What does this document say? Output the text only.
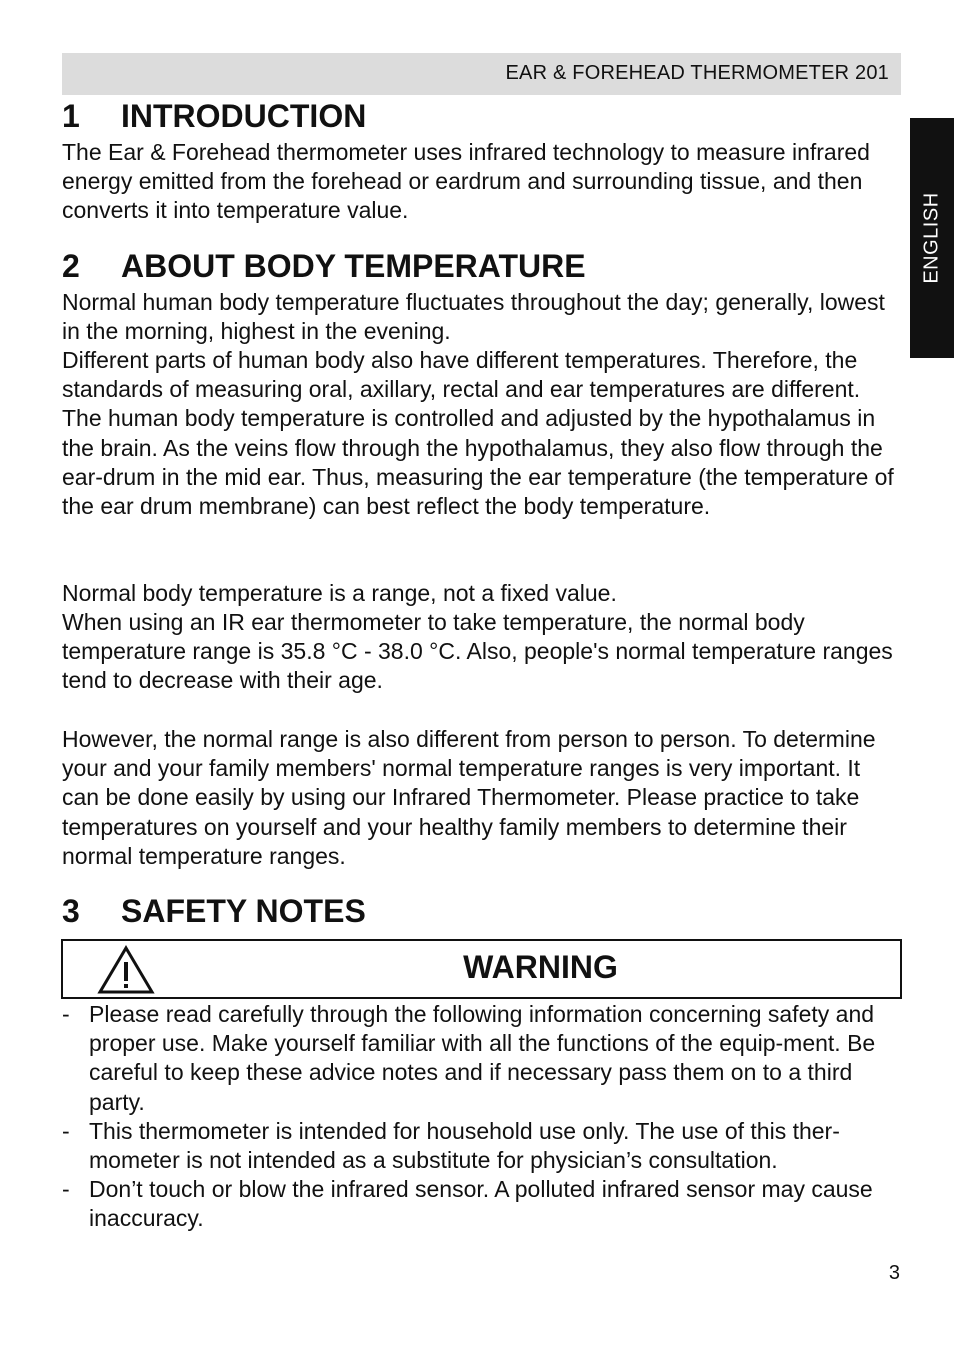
EAR & FOREHEAD THERMOMETER 201
ENGLISH
1 INTRODUCTION

The Ear & Forehead thermometer uses infrared technology to measure infrared energy emitted from the forehead or eardrum and surrounding tissue, and then converts it into temperature value.

2 ABOUT BODY TEMPERATURE

Normal human body temperature fluctuates throughout the day; generally, lowest in the morning, highest in the evening.

Different parts of human body also have different temperatures. Therefore, the standards of measuring oral, axillary, rectal and ear temperatures are different. The human body temperature is controlled and adjusted by the hypothalamus in the brain. As the veins flow through the hypothalamus, they also flow through the ear-drum in the mid ear. Thus, measuring the ear temperature (the temperature of the ear drum membrane) can best reflect the body temperature.

Normal body temperature is a range, not a fixed value.

When using an IR ear thermometer to take temperature, the normal body temperature range is 35.8 °C - 38.0 °C. Also, people's normal temperature ranges tend to decrease with their age.

However, the normal range is also different from person to person. To determine your and your family members' normal temperature ranges is very important. It can be done easily by using our Infrared Thermometer. Please practice to take temperatures on yourself and your healthy family members to determine their normal temperature ranges.

3 SAFETY NOTES
WARNING
- Please read carefully through the following information concerning safety and proper use. Make yourself familiar with all the functions of the equip-ment. Be careful to keep these advice notes and if necessary pass them on to a third party.
- This thermometer is intended for household use only. The use of this ther-mometer is not intended as a substitute for physician’s consultation.
- Don’t touch or blow the infrared sensor. A polluted infrared sensor may cause inaccuracy.
3
